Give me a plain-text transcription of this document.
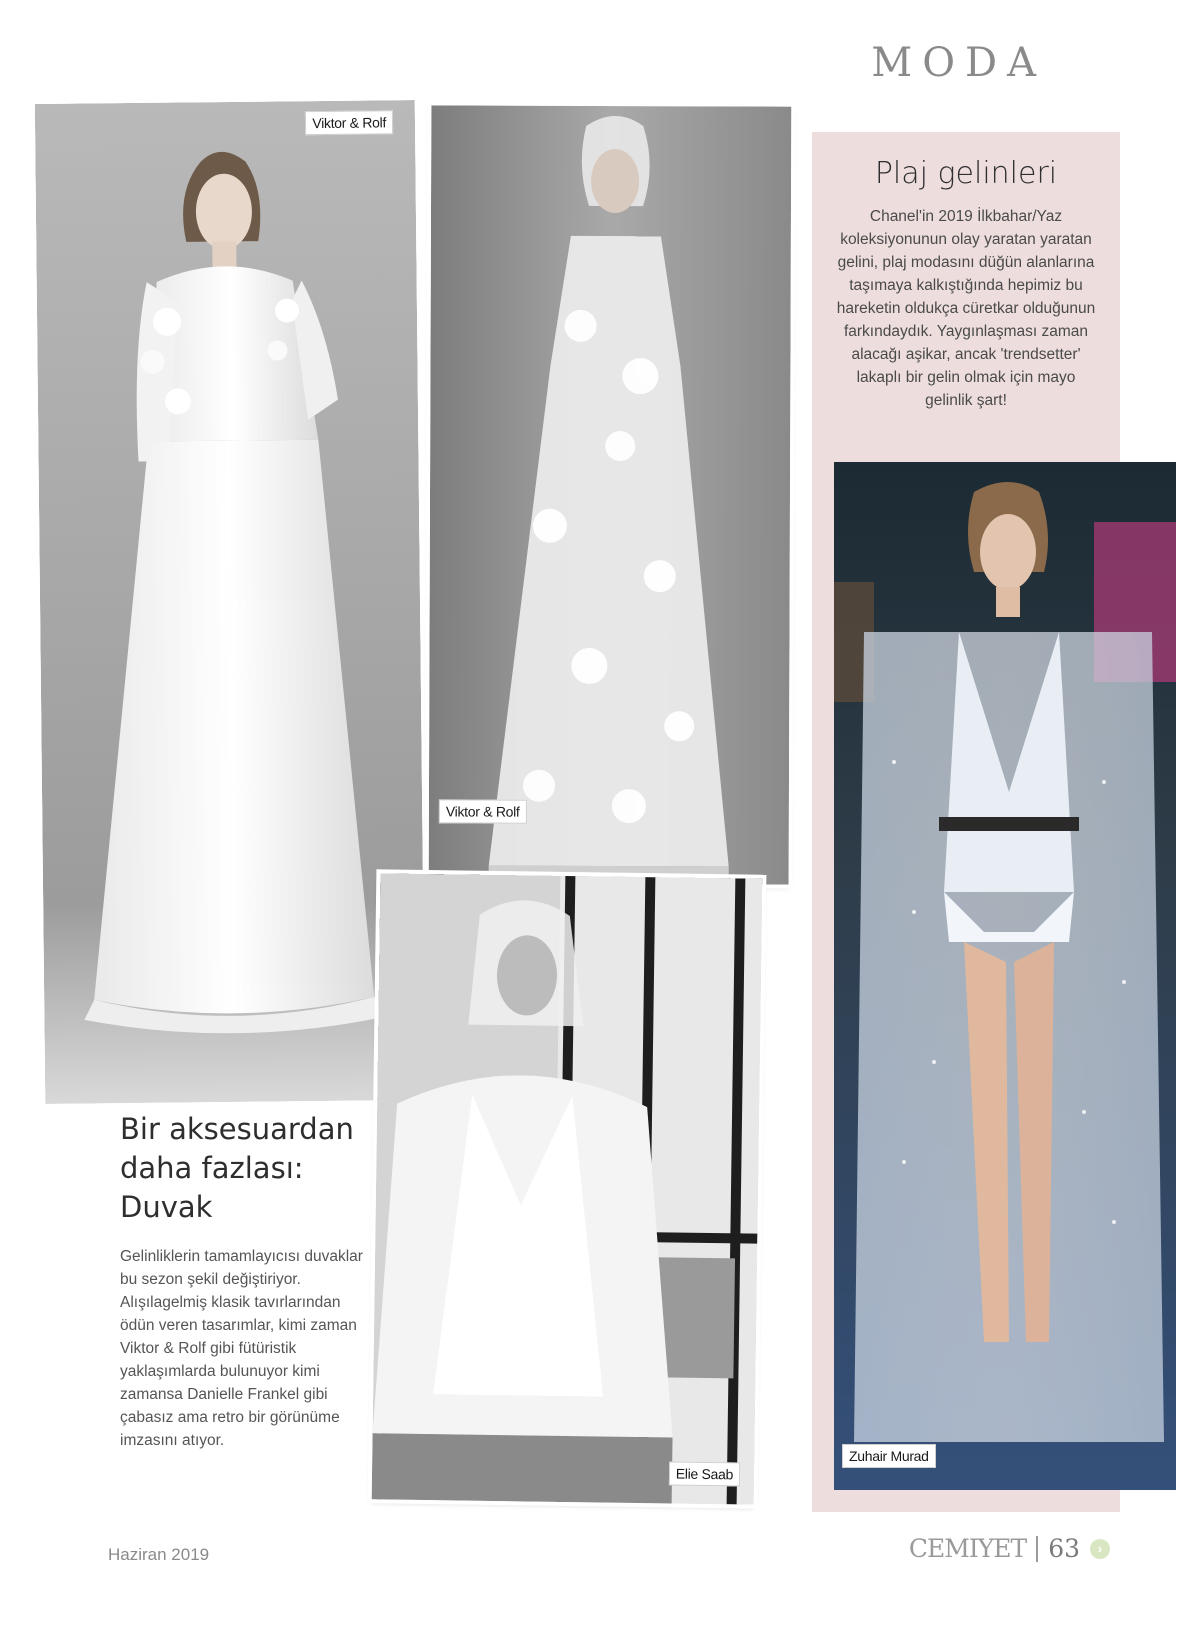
MODA
Viktor & Rolf
Viktor & Rolf
Elie Saab
Plaj gelinleri
Chanel'in 2019 İlkbahar/Yaz koleksiyonunun olay yaratan yaratan gelini, plaj modasını düğün alanlarına taşımaya kalkıştığında hepimiz bu hareketin oldukça cüretkar olduğunun farkındaydık. Yaygınlaşması zaman alacağı aşikar, ancak 'trendsetter' lakaplı bir gelin olmak için mayo gelinlik şart!
Zuhair Murad
Bir aksesuardan daha fazlası: Duvak
Gelinliklerin tamamlayıcısı duvaklar bu sezon şekil değiştiriyor. Alışılagelmiş klasik tavırlarından ödün veren tasarımlar, kimi zaman Viktor & Rolf gibi fütüristik yaklaşımlarda bulunuyor kimi zamansa Danielle Frankel gibi çabasız ama retro bir görünüme imzasını atıyor.
Haziran 2019	CEMIYET 63 ›
